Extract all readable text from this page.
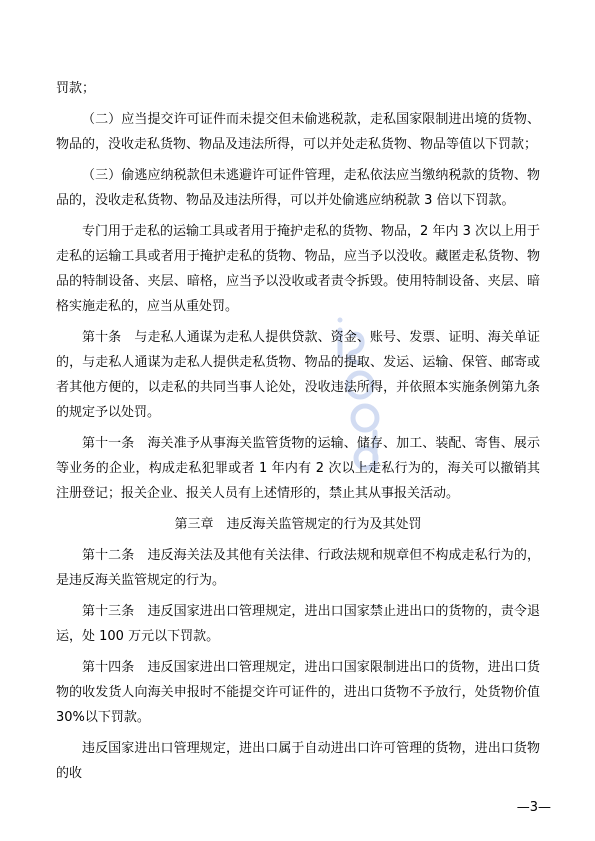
罚款；

（二）应当提交许可证件而未提交但未偷逃税款，走私国家限制进出境的货物、物品的，没收走私货物、物品及违法所得，可以并处走私货物、物品等值以下罚款；

（三）偷逃应纳税款但未逃避许可证件管理，走私依法应当缴纳税款的货物、物品的，没收走私货物、物品及违法所得，可以并处偷逃应纳税款 3 倍以下罚款。

专门用于走私的运输工具或者用于掩护走私的货物、物品，2 年内 3 次以上用于走私的运输工具或者用于掩护走私的货物、物品，应当予以没收。藏匿走私货物、物品的特制设备、夹层、暗格，应当予以没收或者责令拆毁。使用特制设备、夹层、暗格实施走私的，应当从重处罚。

第十条　与走私人通谋为走私人提供贷款、资金、账号、发票、证明、海关单证的，与走私人通谋为走私人提供走私货物、物品的提取、发运、运输、保管、邮寄或者其他方便的，以走私的共同当事人论处，没收违法所得，并依照本实施条例第九条的规定予以处罚。

第十一条　海关准予从事海关监管货物的运输、储存、加工、装配、寄售、展示等业务的企业，构成走私犯罪或者 1 年内有 2 次以上走私行为的，海关可以撤销其注册登记；报关企业、报关人员有上述情形的，禁止其从事报关活动。

第三章　违反海关监管规定的行为及其处罚

第十二条　违反海关法及其他有关法律、行政法规和规章但不构成走私行为的，是违反海关监管规定的行为。

第十三条　违反国家进出口管理规定，进出口国家禁止进出口的货物的，责令退运，处 100 万元以下罚款。

第十四条　违反国家进出口管理规定，进出口国家限制进出口的货物，进出口货物的收发货人向海关申报时不能提交许可证件的，进出口货物不予放行，处货物价值 30%以下罚款。

违反国家进出口管理规定，进出口属于自动进出口许可管理的货物，进出口货物的收

—3—
